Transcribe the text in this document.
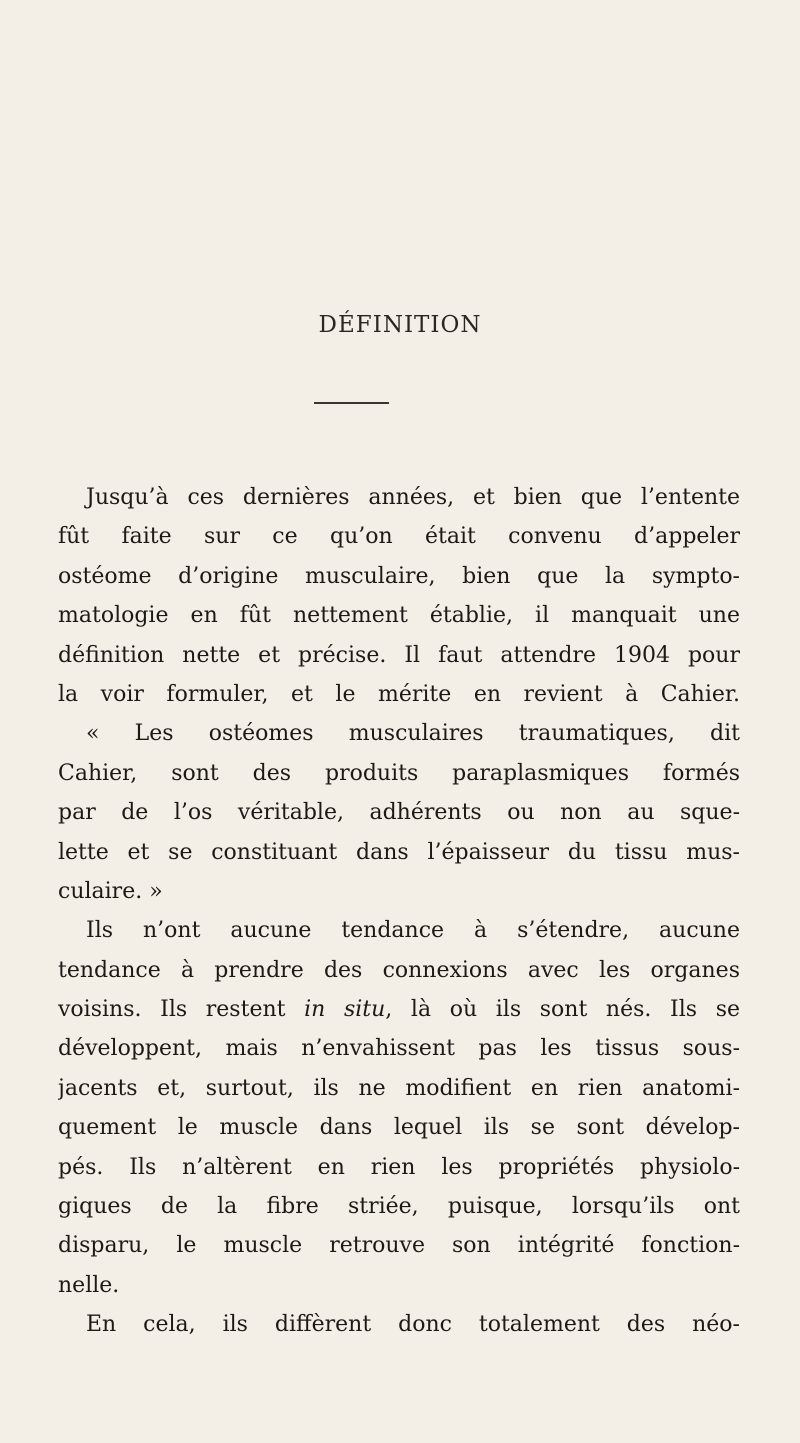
DÉFINITION
Jusqu’à ces dernières années, et bien que l’entente
fût faite sur ce qu’on était convenu d’appeler
ostéome d’origine musculaire, bien que la sympto-
matologie en fût nettement établie, il manquait une
définition nette et précise. Il faut attendre 1904 pour
la voir formuler, et le mérite en revient à Cahier.
« Les ostéomes musculaires traumatiques, dit
Cahier, sont des produits paraplasmiques formés
par de l’os véritable, adhérents ou non au sque-
lette et se constituant dans l’épaisseur du tissu mus-
culaire. »
Ils n’ont aucune tendance à s’étendre, aucune
tendance à prendre des connexions avec les organes
voisins. Ils restent in situ, là où ils sont nés. Ils se
développent, mais n’envahissent pas les tissus sous-
jacents et, surtout, ils ne modifient en rien anatomi-
quement le muscle dans lequel ils se sont dévelop-
pés. Ils n’altèrent en rien les propriétés physiolo-
giques de la fibre striée, puisque, lorsqu’ils ont
disparu, le muscle retrouve son intégrité fonction-
nelle.
En cela, ils diffèrent donc totalement des néo-
